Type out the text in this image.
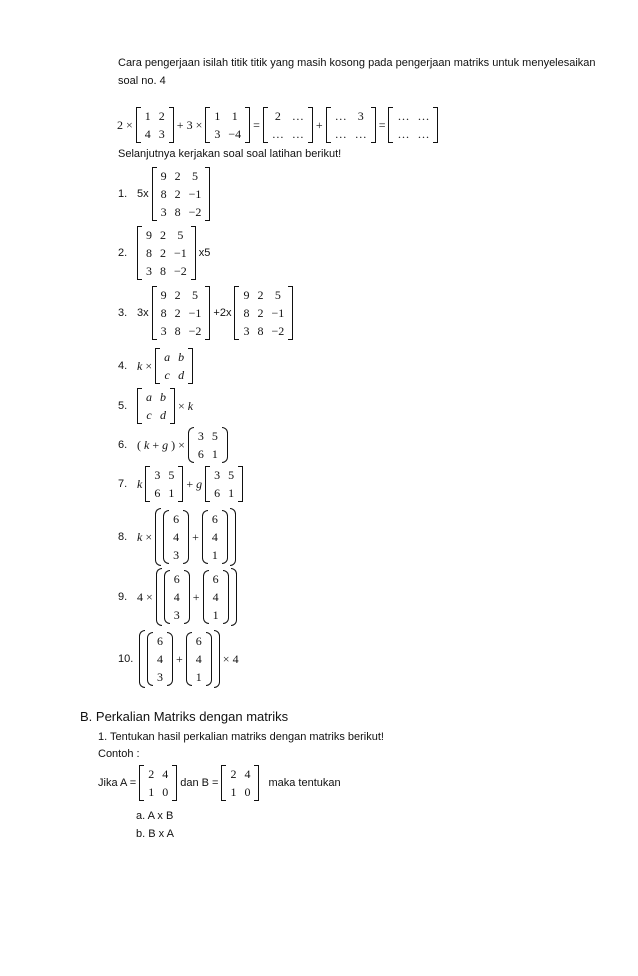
Cara pengerjaan isilah titik titik yang masih kosong pada pengerjaan matriks untuk menyelesaikan
soal no. 4
2 ×
1	2
4	3
+ 3 ×
1	1
3	−4
=
2	…
…	…
+
…	3
…	…
=
…	…
…	…
Selanjutnya kerjakan soal soal latihan berikut!
1. 5x
9	2	5
8	2	−1
3	8	−2
2.
9	2	5
8	2	−1
3	8	−2
x5
3. 3x
9	2	5
8	2	−1
3	8	−2
+2x
9	2	5
8	2	−1
3	8	−2
4. k ×
a	b
c	d
5.
a	b
c	d
× k
6. ( k + g ) ×
3	5
6	1
7. k
3	5
6	1
+ g
3	5
6	1
8. k ×
6
4
3
+
6
4
1
9. 4 ×
6
4
3
+
6
4
1
10.
6
4
3
+
6
4
1
× 4
B. Perkalian Matriks dengan matriks
1. Tentukan hasil perkalian matriks dengan matriks berikut!
Contoh :
Jika A =
2	4
1	0
dan B =
2	4
1	0
maka tentukan
a. A x B
b. B x A
